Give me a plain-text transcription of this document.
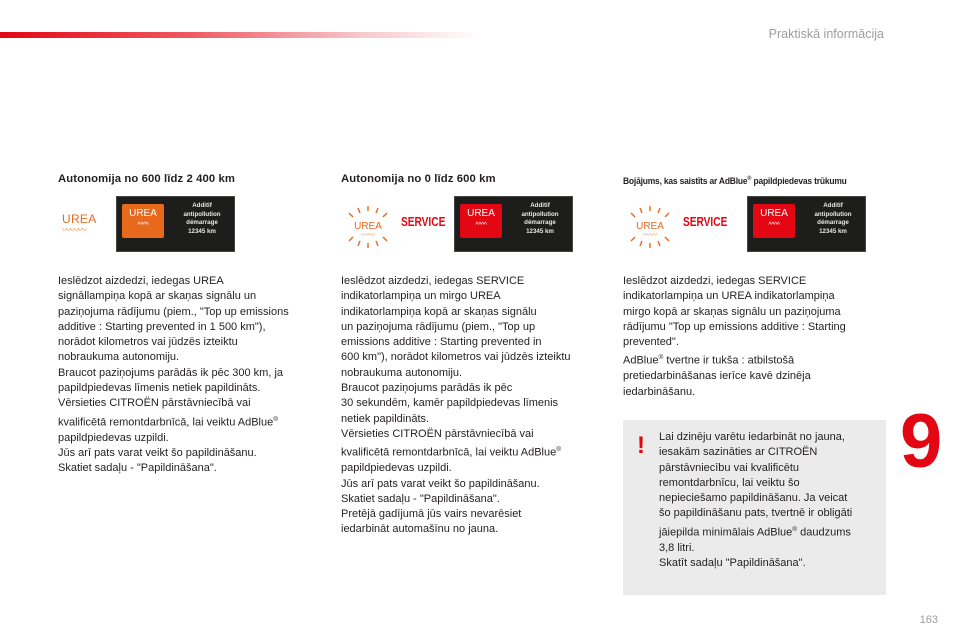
Praktiskā informācija
Autonomija no 600 līdz 2 400 km
UREA
〰〰〰
UREA
^^^^
Additif
antipollution
démarrage
12345 km

Ieslēdzot aizdedzi, iedegas UREA

signāllampiņa kopā ar skaņas signālu un

paziņojuma rādījumu (piem., "Top up emissions

additive : Starting prevented in 1 500 km"),

norādot kilometros vai jūdzēs izteiktu

nobraukuma autonomiju.

Braucot paziņojums parādās ik pēc 300 km, ja

papildpiedevas līmenis netiek papildināts.

Vērsieties CITROËN pārstāvniecībā vai

kvalificētā remontdarbnīcā, lai veiktu AdBlue®

papildpiedevas uzpildi.

Jūs arī pats varat veikt šo papildināšanu.

Skatiet sadaļu - "Papildināšana".

Autonomija no 0 līdz 600 km
UREA
〰〰
SERVICE
UREA
^^^^
Additif
antipollution
démarrage
12345 km

Ieslēdzot aizdedzi, iedegas SERVICE

indikatorlampiņa un mirgo UREA

indikatorlampiņa kopā ar skaņas signālu

un paziņojuma rādījumu (piem., "Top up

emissions additive : Starting prevented in

600 km"), norādot kilometros vai jūdzēs izteiktu

nobraukuma autonomiju.

Braucot paziņojums parādās ik pēc

30 sekundēm, kamēr papildpiedevas līmenis

netiek papildināts.

Vērsieties CITROËN pārstāvniecībā vai

kvalificētā remontdarbnīcā, lai veiktu AdBlue®

papildpiedevas uzpildi.

Jūs arī pats varat veikt šo papildināšanu.

Skatiet sadaļu - "Papildināšana".

Pretējā gadījumā jūs vairs nevarēsiet

iedarbināt automašīnu no jauna.

Bojājums, kas saistīts ar AdBlue® papildpiedevas trūkumu
UREA
〰〰
SERVICE
UREA
^^^^
Additif
antipollution
démarrage
12345 km

Ieslēdzot aizdedzi, iedegas SERVICE

indikatorlampiņa un UREA indikatorlampiņa

mirgo kopā ar skaņas signālu un paziņojuma

rādījumu "Top up emissions additive : Starting

prevented".

AdBlue® tvertne ir tukša : atbilstošā

pretiedarbināšanas ierīce kavē dzinēja

iedarbināšanu.

! Lai dzinēju varētu iedarbināt no jauna,
iesakām sazināties ar CITROËN
pārstāvniecību vai kvalificētu
remontdarbnīcu, lai veiktu šo
nepieciešamo papildināšanu. Ja veicat
šo papildināšanu pats, tvertnē ir obligāti
jāiepilda minimālais AdBlue® daudzums
3,8 litri.
Skatīt sadaļu "Papildināšana".
9
163
